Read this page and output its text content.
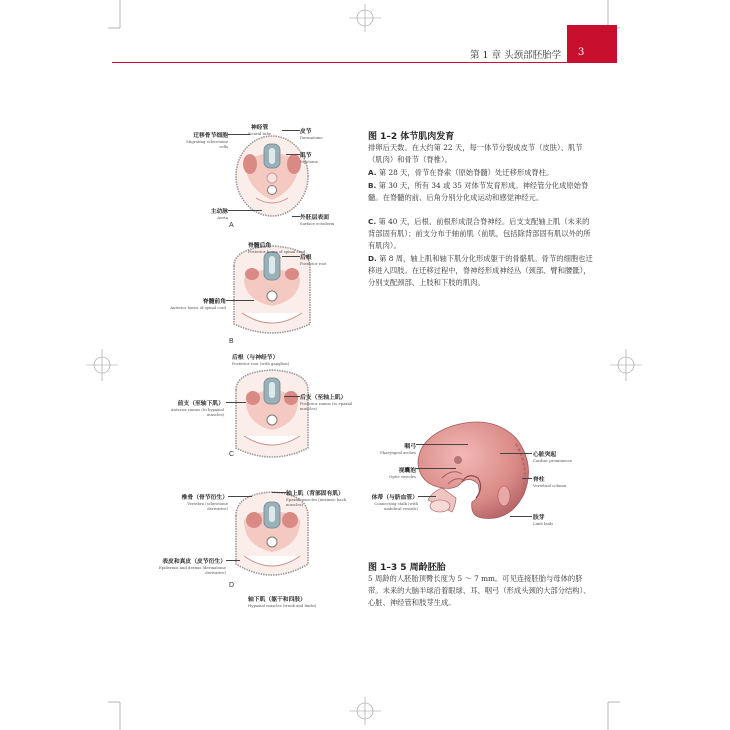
第 1 章 头颈部胚胎学 3
神经管
Neural tube	皮节
Dermatome
迁移骨节细胞
Migrating sclerotome cells
肌节
Myotome
主动脉
Aorta	外胚层表面
Surface ectoderm
A
脊髓后角
Posterior horns of spinal cord
后根
Posterior root
脊髓前角
Anterior horns of spinal cord
B
后根（与神经节）
Posterior root (with ganglion)
前支（至轴下肌）
Anterior ramus (to hypaxial muscles)
后支（至轴上肌）
Posterior ramus (to epaxial muscles)
C
椎骨（骨节衍生）
Vertebra (sclerotome derivative)
轴上肌（背部固有肌）
Epaxial muscles (intrinsic back muscles)
表皮和真皮（皮节衍生）
Epidermis and dermis (dermatome derivative)
D
轴下肌（躯干和四肢）
Hypaxial muscles (trunk and limbs)
图 1–2 体节肌肉发育
排卵后天数。在大约第 22 天，每一体节分裂成皮节（皮肤）、肌节（肌肉）和骨节（脊椎）。
A. 第 28 天，骨节在脊索（原始脊髓）处迁移形成脊柱。
B. 第 30 天，所有 34 或 35 对体节发育形成。神经管分化成原始脊髓。在脊髓的前、后角分别分化成运动和感觉神经元。
C. 第 40 天，后根、前根形成混合脊神经。后支支配轴上肌（未来的背部固有肌）；前支分布于轴前肌（前肌，包括除背部固有肌以外的所有肌肉）。
D. 第 8 周，轴上肌和轴下肌分化形成躯干的骨骼肌。骨节的细胞也迁移进入四肢。在迁移过程中，脊神经形成神经丛（颈部、臂和腰骶），分别支配颈部、上肢和下肢的肌肉。
咽弓
Pharyngeal arches	心脏突起
Cardiac prominence
视囊泡
Optic vesicles
脊柱
Vertebral column
体蒂（与脐血管）
Connecting stalk (with umbilical vessels)
肢芽
Limb buds
图 1–3 5 周龄胚胎
5 周龄的人胚胎顶臀长度为 5 ～ 7 mm。可见连接胚胎与母体的脐带。未来的大脑半球沿着眼球、耳、咽弓（形成头颈的大部分结构）、心脏、神经管和肢芽生成。
